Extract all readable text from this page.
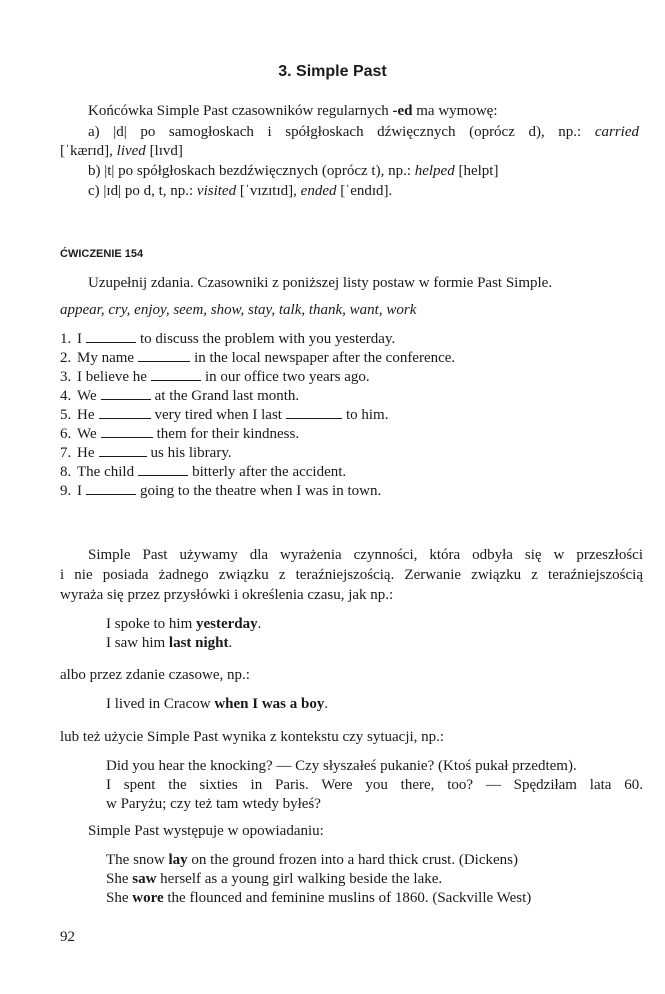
3. Simple Past
Końcówka Simple Past czasowników regularnych -ed ma wymowę:
a) |d| po samogłoskach i spółgłoskach dźwięcznych (oprócz d), np.: carried
[ˈkærɪd], lived [lɪvd]
b) |t| po spółgłoskach bezdźwięcznych (oprócz t), np.: helped [helpt]
c) |ɪd| po d, t, np.: visited [ˈvɪzɪtɪd], ended [ˈendɪd].
ĆWICZENIE 154
Uzupełnij zdania. Czasowniki z poniższej listy postaw w formie Past Simple.
appear, cry, enjoy, seem, show, stay, talk, thank, want, work
1. I	to discuss the problem with you yesterday.
2. My name	in the local newspaper after the conference.
3. I believe he	in our office two years ago.
4. We	at the Grand last month.
5. He	very tired when I last	to him.
6. We	them for their kindness.
7. He	us his library.
8. The child	bitterly after the accident.
9. I	going to the theatre when I was in town.
Simple Past używamy dla wyrażenia czynności, która odbyła się w przeszłości
i nie posiada żadnego związku z teraźniejszością. Zerwanie związku z teraźniejszością
wyraża się przez przysłówki i określenia czasu, jak np.:
I spoke to him yesterday.
I saw him last night.
albo przez zdanie czasowe, np.:
I lived in Cracow when I was a boy.
lub też użycie Simple Past wynika z kontekstu czy sytuacji, np.:
Did you hear the knocking? — Czy słyszałeś pukanie? (Ktoś pukał przedtem).
I spent the sixties in Paris. Were you there, too? — Spędziłam lata 60.
w Paryżu; czy też tam wtedy byłeś?
Simple Past występuje w opowiadaniu:
The snow lay on the ground frozen into a hard thick crust. (Dickens)
She saw herself as a young girl walking beside the lake.
She wore the flounced and feminine muslins of 1860. (Sackville West)
92
